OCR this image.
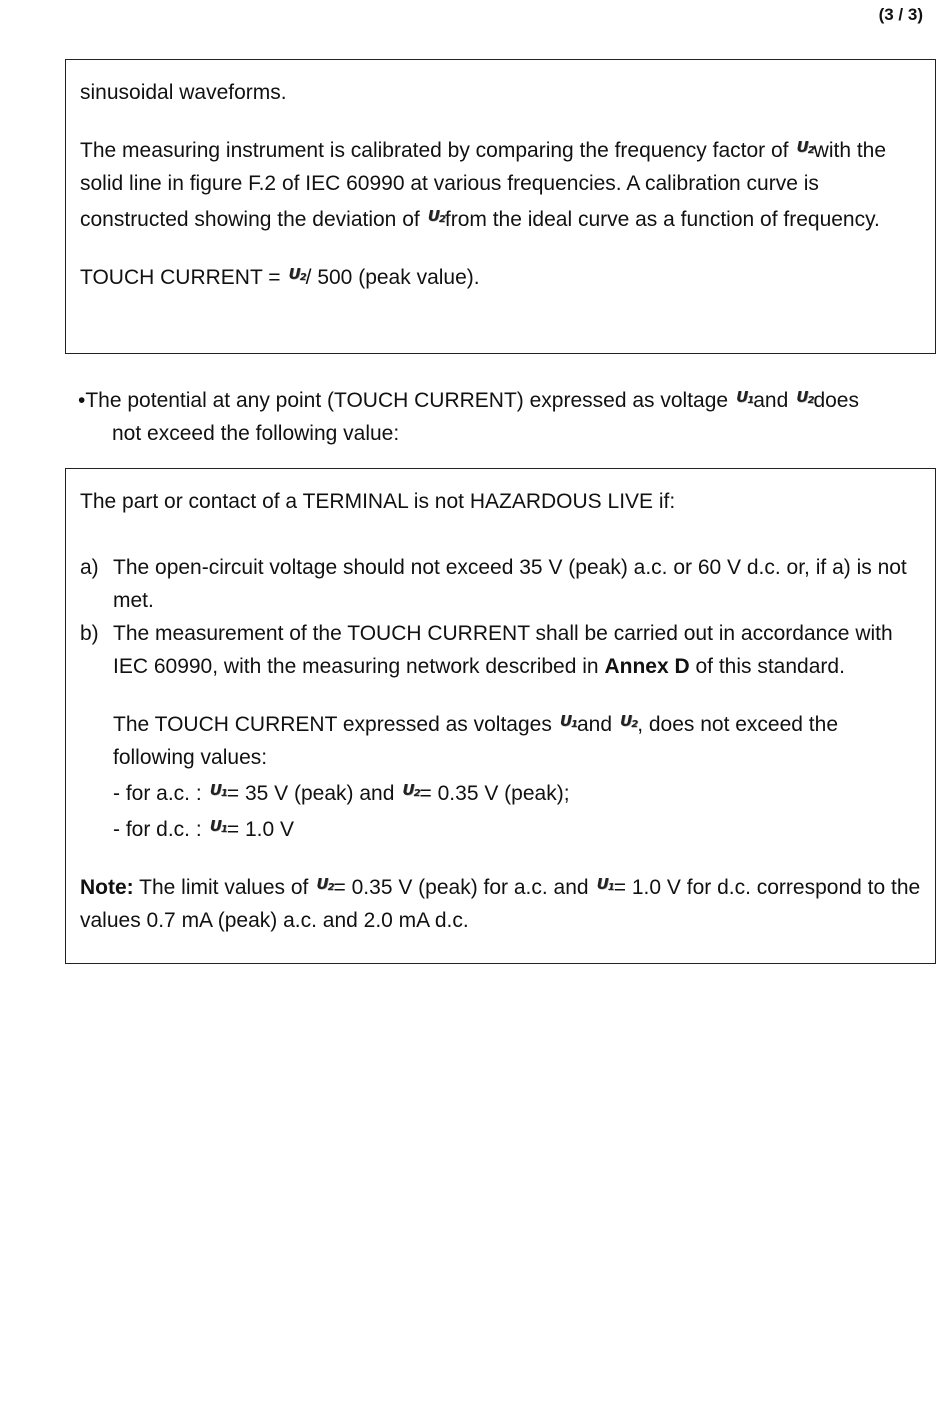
(3 / 3)

sinusoidal waveforms.

The measuring instrument is calibrated by comparing the frequency factor of $U_2with$ the solid line in figure F.2 of IEC 60990 at various frequencies. A calibration curve is constructed showing the deviation of $U_2from$ the ideal curve as a function of frequency.

TOUCH CURRENT = $U_2/$ 500 (peak value).

•The potential at any point (TOUCH CURRENT) expressed as voltage $U_1and$ $U_2does$

not exceed the following value:

The part or contact of a TERMINAL is not HAZARDOUS LIVE if:

a) The open-circuit voltage should not exceed 35 V (peak) a.c. or 60 V d.c. or, if a) is not met.

b) The measurement of the TOUCH CURRENT shall be carried out in accordance with IEC 60990, with the measuring network described in Annex D of this standard.

The TOUCH CURRENT expressed as voltages $U_1and$ $U_2$, does not exceed the following values:

- for a.c. : $U_1= 35$ V (peak) and $U_2= 0.35$ V (peak);

- for d.c. : $U_1= 1.0$ V

Note: The limit values of $U_2= 0.35$ V (peak) for a.c. and $U_1= 1.0$ V for d.c. correspond to the values 0.7 mA (peak) a.c. and 2.0 mA d.c.
